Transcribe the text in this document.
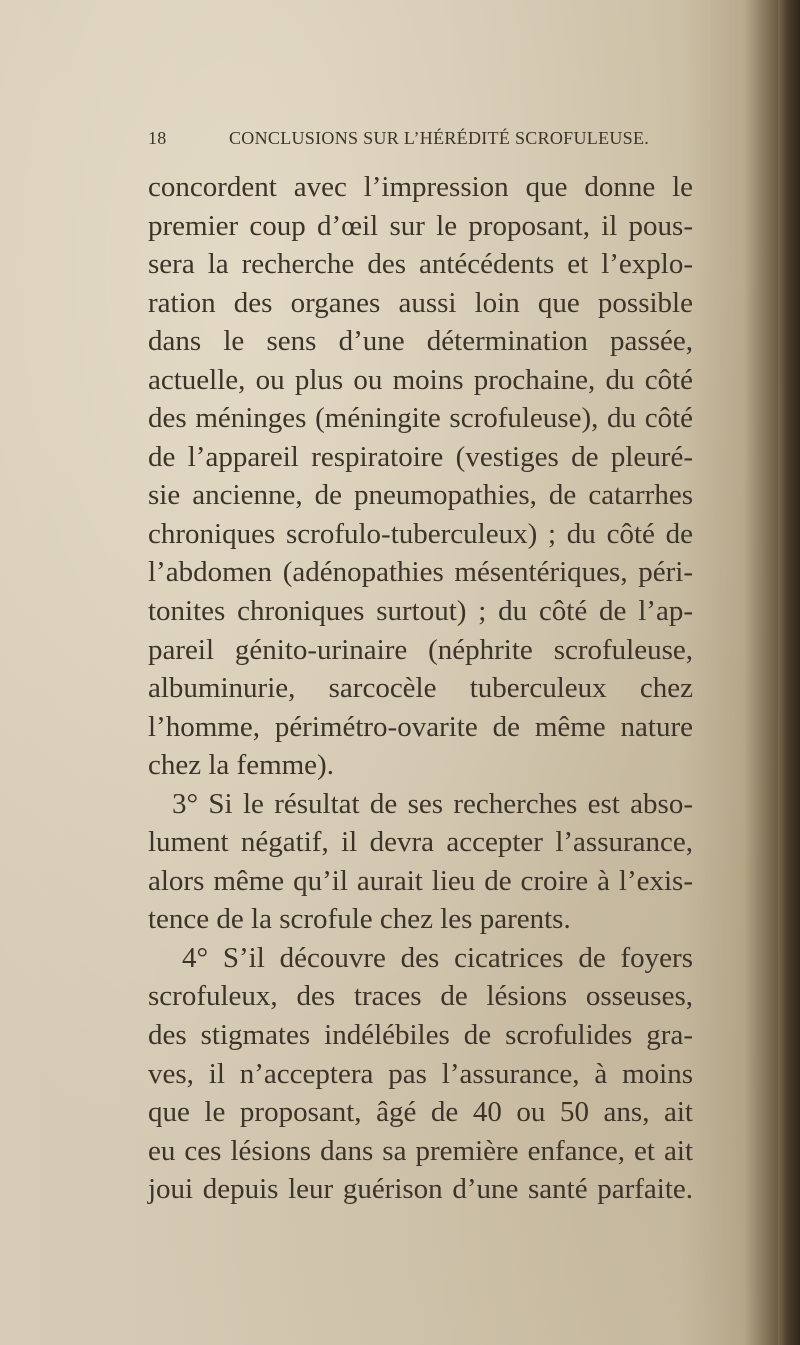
18	CONCLUSIONS SUR L’HÉRÉDITÉ SCROFULEUSE.
concordent avec l’impression que donne le
premier coup d’œil sur le proposant, il pous-
sera la recherche des antécédents et l’explo-
ration des organes aussi loin que possible
dans le sens d’une détermination passée,
actuelle, ou plus ou moins prochaine, du côté
des méninges (méningite scrofuleuse), du côté
de l’appareil respiratoire (vestiges de pleuré-
sie ancienne, de pneumopathies, de catarrhes
chroniques scrofulo-tuberculeux) ; du côté de
l’abdomen (adénopathies mésentériques, péri-
tonites chroniques surtout) ; du côté de l’ap-
pareil génito-urinaire (néphrite scrofuleuse,
albuminurie, sarcocèle tuberculeux chez
l’homme, périmétro-ovarite de même nature
chez la femme).
3° Si le résultat de ses recherches est abso-
lument négatif, il devra accepter l’assurance,
alors même qu’il aurait lieu de croire à l’exis-
tence de la scrofule chez les parents.
4° S’il découvre des cicatrices de foyers
scrofuleux, des traces de lésions osseuses,
des stigmates indélébiles de scrofulides gra-
ves, il n’acceptera pas l’assurance, à moins
que le proposant, âgé de 40 ou 50 ans, ait
eu ces lésions dans sa première enfance, et ait
joui depuis leur guérison d’une santé parfaite.
